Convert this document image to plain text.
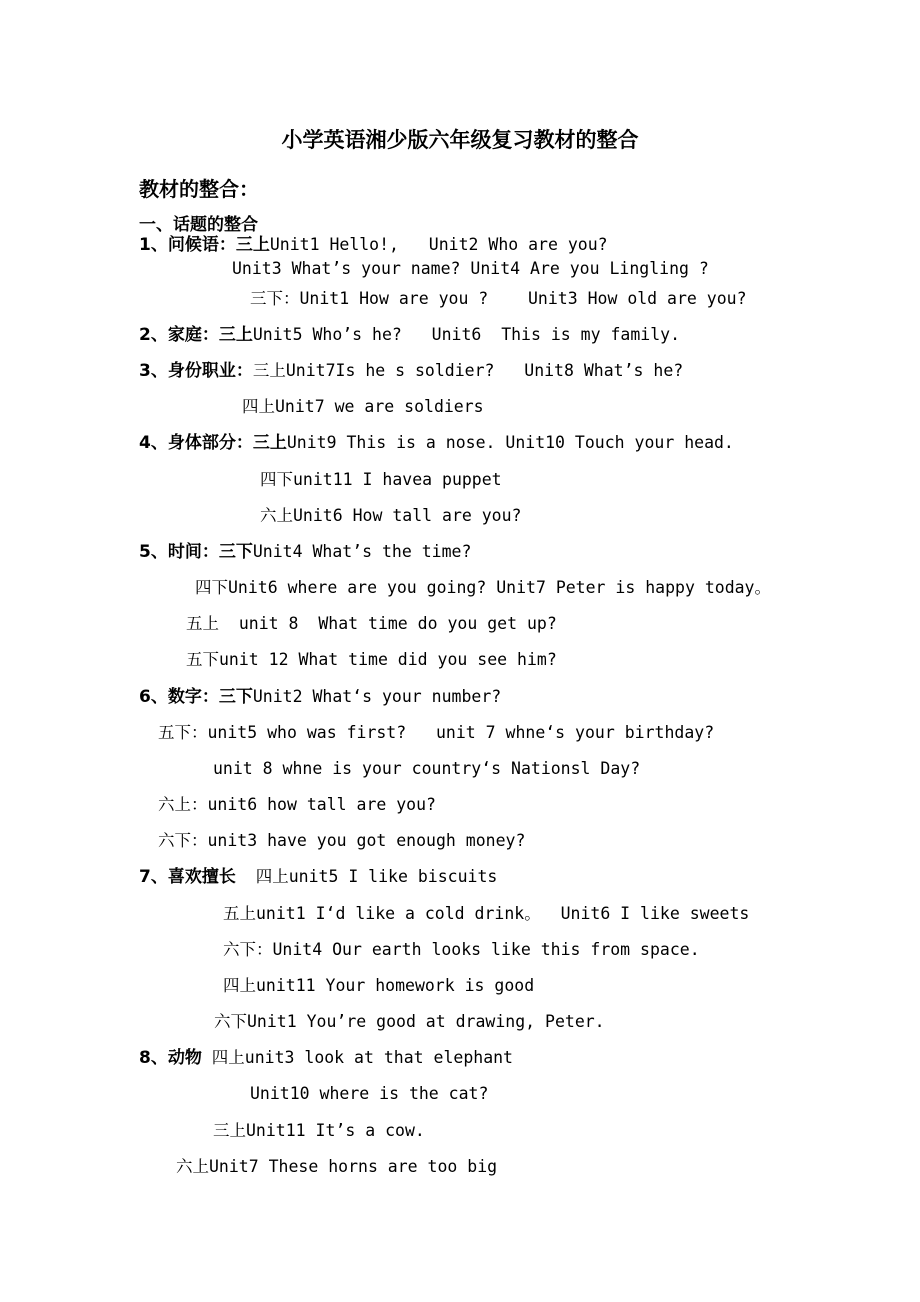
小学英语湘少版六年级复习教材的整合
教材的整合：
一、话题的整合
1、问候语：三上Unit1 Hello!,   Unit2 Who are you?
Unit3 What’s your name? Unit4 Are you Lingling ?
三下：Unit1 How are you ?    Unit3 How old are you?
2、家庭：三上Unit5 Who’s he?   Unit6  This is my family.
3、身份职业：三上Unit7Is he s soldier?   Unit8 What’s he?
四上Unit7 we are soldiers
4、身体部分：三上Unit9 This is a nose. Unit10 Touch your head.
四下unit11 I havea puppet
六上Unit6 How tall are you?
5、时间：三下Unit4 What’s the time?
四下Unit6 where are you going? Unit7 Peter is happy today。
五上  unit 8  What time do you get up?
五下unit 12 What time did you see him?
6、数字：三下Unit2 What‘s your number?
五下：unit5 who was first?   unit 7 whne‘s your birthday?
unit 8 whne is your country‘s Nationsl Day?
六上：unit6 how tall are you?
六下：unit3 have you got enough money?
7、喜欢擅长  四上unit5 I like biscuits
五上unit1 I‘d like a cold drink。  Unit6 I like sweets
六下：Unit4 Our earth looks like this from space.
四上unit11 Your homework is good
六下Unit1 You’re good at drawing, Peter.
8、动物 四上unit3 look at that elephant
Unit10 where is the cat?
三上Unit11 It’s a cow.
六上Unit7 These horns are too big
